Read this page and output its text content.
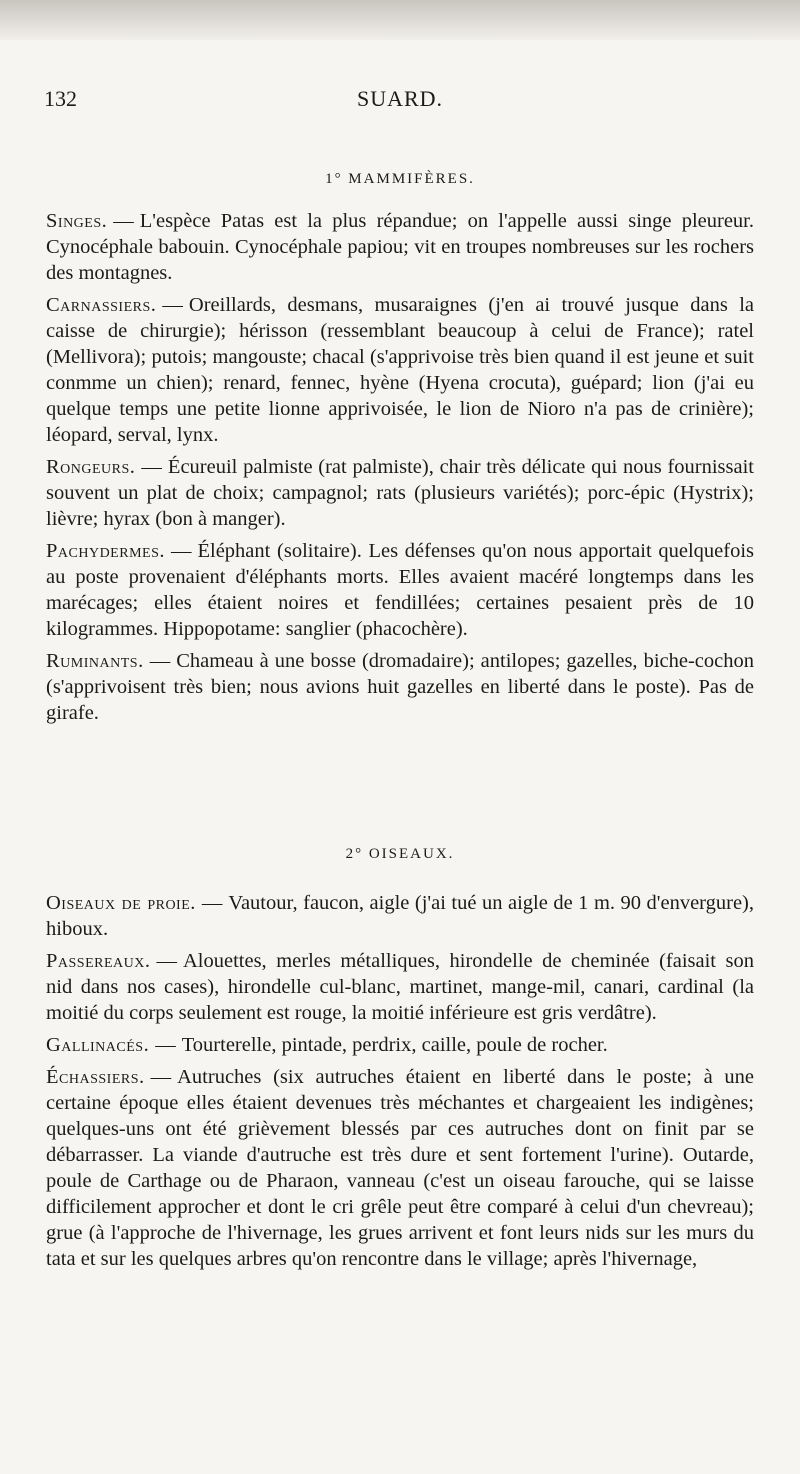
132	SUARD.
1° MAMMIFÈRES.

Singes. — L'espèce Patas est la plus répandue; on l'appelle aussi singe pleureur. Cynocéphale babouin. Cynocéphale papiou; vit en troupes nombreuses sur les rochers des montagnes.

Carnassiers. — Oreillards, desmans, musaraignes (j'en ai trouvé jusque dans la caisse de chirurgie); hérisson (ressemblant beaucoup à celui de France); ratel (Mellivora); putois; mangouste; chacal (s'apprivoise très bien quand il est jeune et suit conmme un chien); renard, fennec, hyène (Hyena crocuta), guépard; lion (j'ai eu quelque temps une petite lionne apprivoisée, le lion de Nioro n'a pas de crinière); léopard, serval, lynx.

Rongeurs. — Écureuil palmiste (rat palmiste), chair très délicate qui nous fournissait souvent un plat de choix; campagnol; rats (plusieurs variétés); porc-épic (Hystrix); lièvre; hyrax (bon à manger).

Pachydermes. — Éléphant (solitaire). Les défenses qu'on nous apportait quelquefois au poste provenaient d'éléphants morts. Elles avaient macéré longtemps dans les marécages; elles étaient noires et fendillées; certaines pesaient près de 10 kilogrammes. Hippopotame: sanglier (phacochère).

Ruminants. — Chameau à une bosse (dromadaire); antilopes; gazelles, biche-cochon (s'apprivoisent très bien; nous avions huit gazelles en liberté dans le poste). Pas de girafe.

2° OISEAUX.

Oiseaux de proie. — Vautour, faucon, aigle (j'ai tué un aigle de 1 m. 90 d'envergure), hiboux.

Passereaux. — Alouettes, merles métalliques, hirondelle de cheminée (faisait son nid dans nos cases), hirondelle cul-blanc, martinet, mange-mil, canari, cardinal (la moitié du corps seulement est rouge, la moitié inférieure est gris verdâtre).

Gallinacés. — Tourterelle, pintade, perdrix, caille, poule de rocher.

Échassiers. — Autruches (six autruches étaient en liberté dans le poste; à une certaine époque elles étaient devenues très méchantes et chargeaient les indigènes; quelques-uns ont été grièvement blessés par ces autruches dont on finit par se débarrasser. La viande d'autruche est très dure et sent fortement l'urine). Outarde, poule de Carthage ou de Pharaon, vanneau (c'est un oiseau farouche, qui se laisse difficilement approcher et dont le cri grêle peut être comparé à celui d'un chevreau); grue (à l'approche de l'hivernage, les grues arrivent et font leurs nids sur les murs du tata et sur les quelques arbres qu'on rencontre dans le village; après l'hivernage,
